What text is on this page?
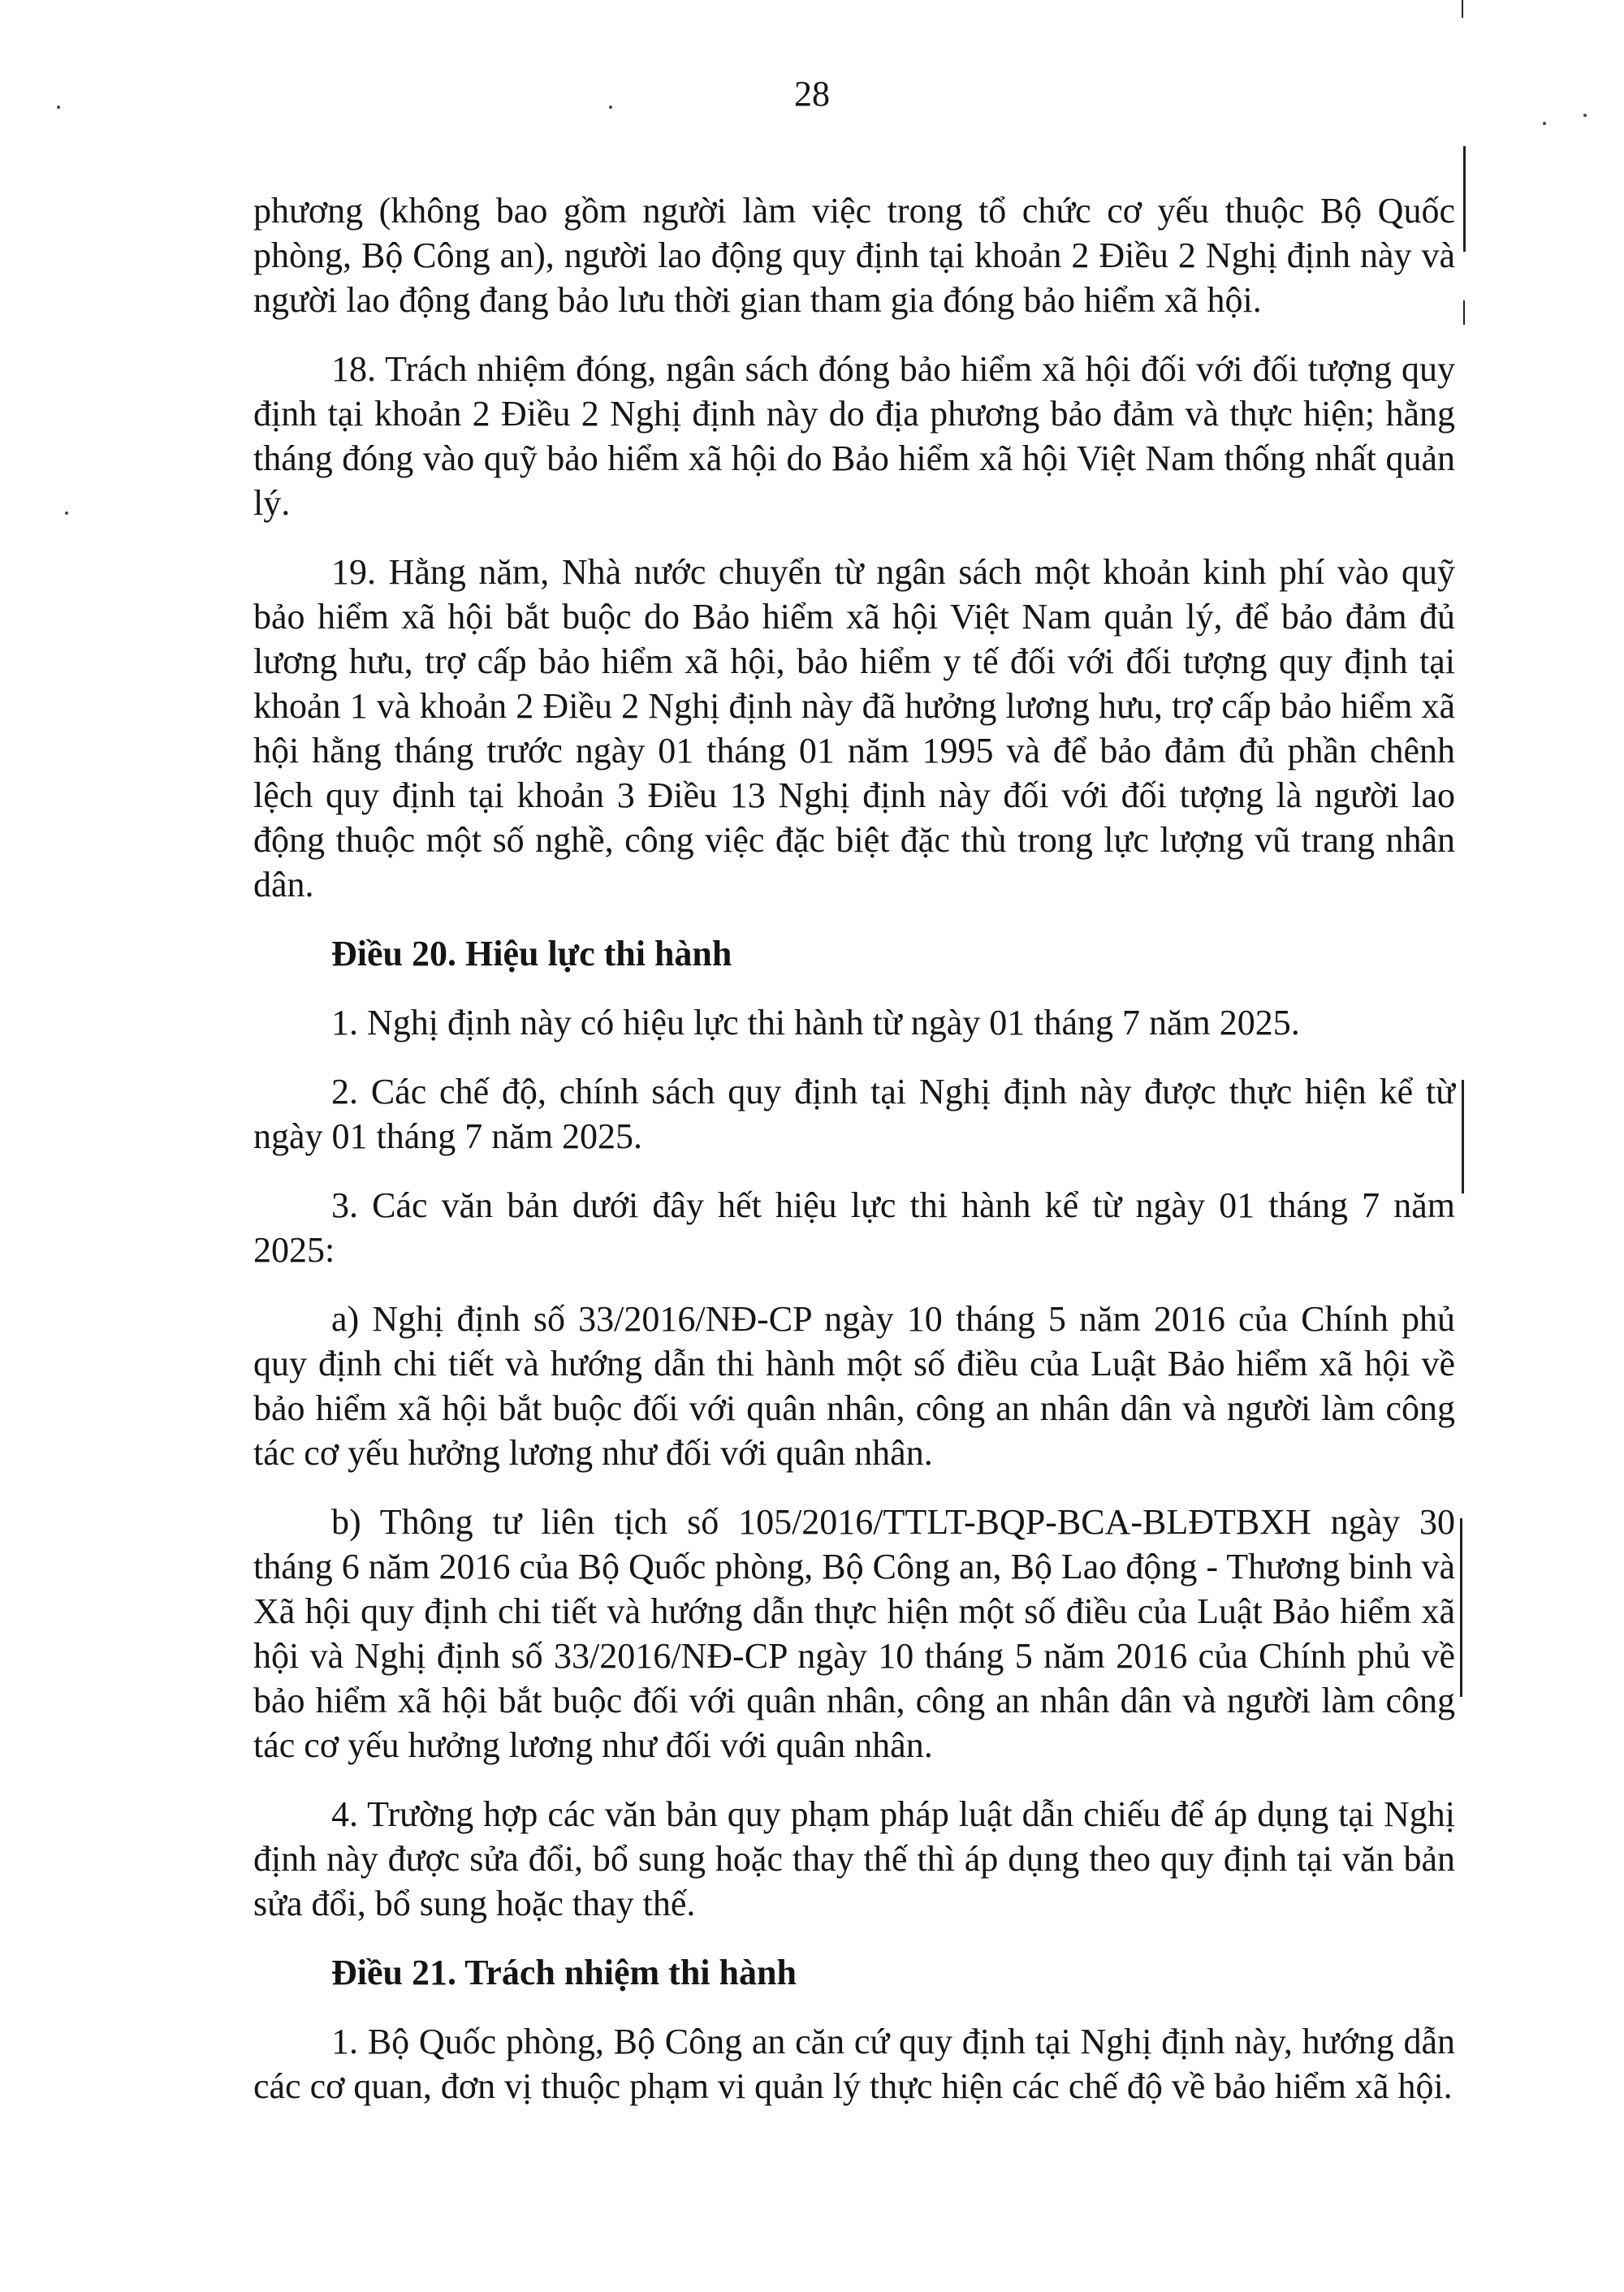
28

phương (không bao gồm người làm việc trong tổ chức cơ yếu thuộc Bộ Quốc phòng, Bộ Công an), người lao động quy định tại khoản 2 Điều 2 Nghị định này và người lao động đang bảo lưu thời gian tham gia đóng bảo hiểm xã hội.

18. Trách nhiệm đóng, ngân sách đóng bảo hiểm xã hội đối với đối tượng quy định tại khoản 2 Điều 2 Nghị định này do địa phương bảo đảm và thực hiện; hằng tháng đóng vào quỹ bảo hiểm xã hội do Bảo hiểm xã hội Việt Nam thống nhất quản lý.

19. Hằng năm, Nhà nước chuyển từ ngân sách một khoản kinh phí vào quỹ bảo hiểm xã hội bắt buộc do Bảo hiểm xã hội Việt Nam quản lý, để bảo đảm đủ lương hưu, trợ cấp bảo hiểm xã hội, bảo hiểm y tế đối với đối tượng quy định tại khoản 1 và khoản 2 Điều 2 Nghị định này đã hưởng lương hưu, trợ cấp bảo hiểm xã hội hằng tháng trước ngày 01 tháng 01 năm 1995 và để bảo đảm đủ phần chênh lệch quy định tại khoản 3 Điều 13 Nghị định này đối với đối tượng là người lao động thuộc một số nghề, công việc đặc biệt đặc thù trong lực lượng vũ trang nhân dân.

Điều 20. Hiệu lực thi hành

1. Nghị định này có hiệu lực thi hành từ ngày 01 tháng 7 năm 2025.

2. Các chế độ, chính sách quy định tại Nghị định này được thực hiện kể từ ngày 01 tháng 7 năm 2025.

3. Các văn bản dưới đây hết hiệu lực thi hành kể từ ngày 01 tháng 7 năm 2025:

a) Nghị định số 33/2016/NĐ-CP ngày 10 tháng 5 năm 2016 của Chính phủ quy định chi tiết và hướng dẫn thi hành một số điều của Luật Bảo hiểm xã hội về bảo hiểm xã hội bắt buộc đối với quân nhân, công an nhân dân và người làm công tác cơ yếu hưởng lương như đối với quân nhân.

b) Thông tư liên tịch số 105/2016/TTLT-BQP-BCA-BLĐTBXH ngày 30 tháng 6 năm 2016 của Bộ Quốc phòng, Bộ Công an, Bộ Lao động - Thương binh và Xã hội quy định chi tiết và hướng dẫn thực hiện một số điều của Luật Bảo hiểm xã hội và Nghị định số 33/2016/NĐ-CP ngày 10 tháng 5 năm 2016 của Chính phủ về bảo hiểm xã hội bắt buộc đối với quân nhân, công an nhân dân và người làm công tác cơ yếu hưởng lương như đối với quân nhân.

4. Trường hợp các văn bản quy phạm pháp luật dẫn chiếu để áp dụng tại Nghị định này được sửa đổi, bổ sung hoặc thay thế thì áp dụng theo quy định tại văn bản sửa đổi, bổ sung hoặc thay thế.

Điều 21. Trách nhiệm thi hành

1. Bộ Quốc phòng, Bộ Công an căn cứ quy định tại Nghị định này, hướng dẫn các cơ quan, đơn vị thuộc phạm vi quản lý thực hiện các chế độ về bảo hiểm xã hội.
